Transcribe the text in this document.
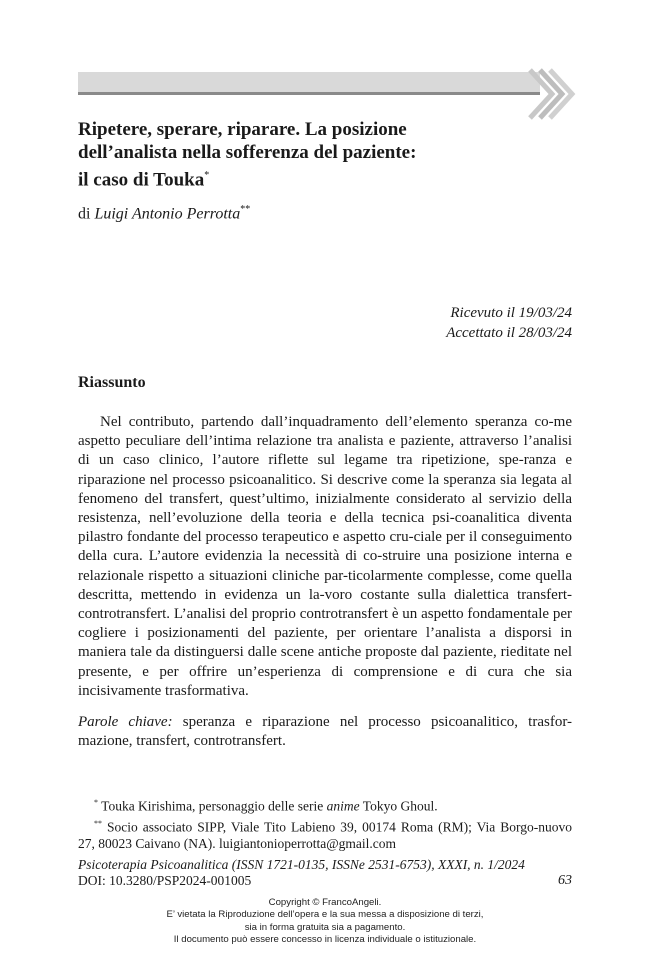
Ripetere, sperare, riparare. La posizione
dell’analista nella sofferenza del paziente:
il caso di Touka*
di Luigi Antonio Perrotta**
Ricevuto il 19/03/24
Accettato il 28/03/24
Riassunto
Nel contributo, partendo dall’inquadramento dell’elemento speranza co-me aspetto peculiare dell’intima relazione tra analista e paziente, attraverso l’analisi di un caso clinico, l’autore riflette sul legame tra ripetizione, spe-ranza e riparazione nel processo psicoanalitico. Si descrive come la speranza sia legata al fenomeno del transfert, quest’ultimo, inizialmente considerato al servizio della resistenza, nell’evoluzione della teoria e della tecnica psi-coanalitica diventa pilastro fondante del processo terapeutico e aspetto cru-ciale per il conseguimento della cura. L’autore evidenzia la necessità di co-struire una posizione interna e relazionale rispetto a situazioni cliniche par-ticolarmente complesse, come quella descritta, mettendo in evidenza un la-voro costante sulla dialettica transfert-controtransfert. L’analisi del proprio controtransfert è un aspetto fondamentale per cogliere i posizionamenti del paziente, per orientare l’analista a disporsi in maniera tale da distinguersi dalle scene antiche proposte dal paziente, rieditate nel presente, e per offrire un’esperienza di comprensione e di cura che sia incisivamente trasformativa.
Parole chiave: speranza e riparazione nel processo psicoanalitico, trasfor-mazione, transfert, controtransfert.
* Touka Kirishima, personaggio delle serie anime Tokyo Ghoul.
** Socio associato SIPP, Viale Tito Labieno 39, 00174 Roma (RM); Via Borgo-nuovo 27, 80023 Caivano (NA). luigiantonioperrotta@gmail.com
Psicoterapia Psicoanalitica (ISSN 1721-0135, ISSNe 2531-6753), XXXI, n. 1/2024
DOI: 10.3280/PSP2024-001005	63
Copyright © FrancoAngeli.
E’ vietata la Riproduzione dell’opera e la sua messa a disposizione di terzi,
sia in forma gratuita sia a pagamento.
Il documento può essere concesso in licenza individuale o istituzionale.
